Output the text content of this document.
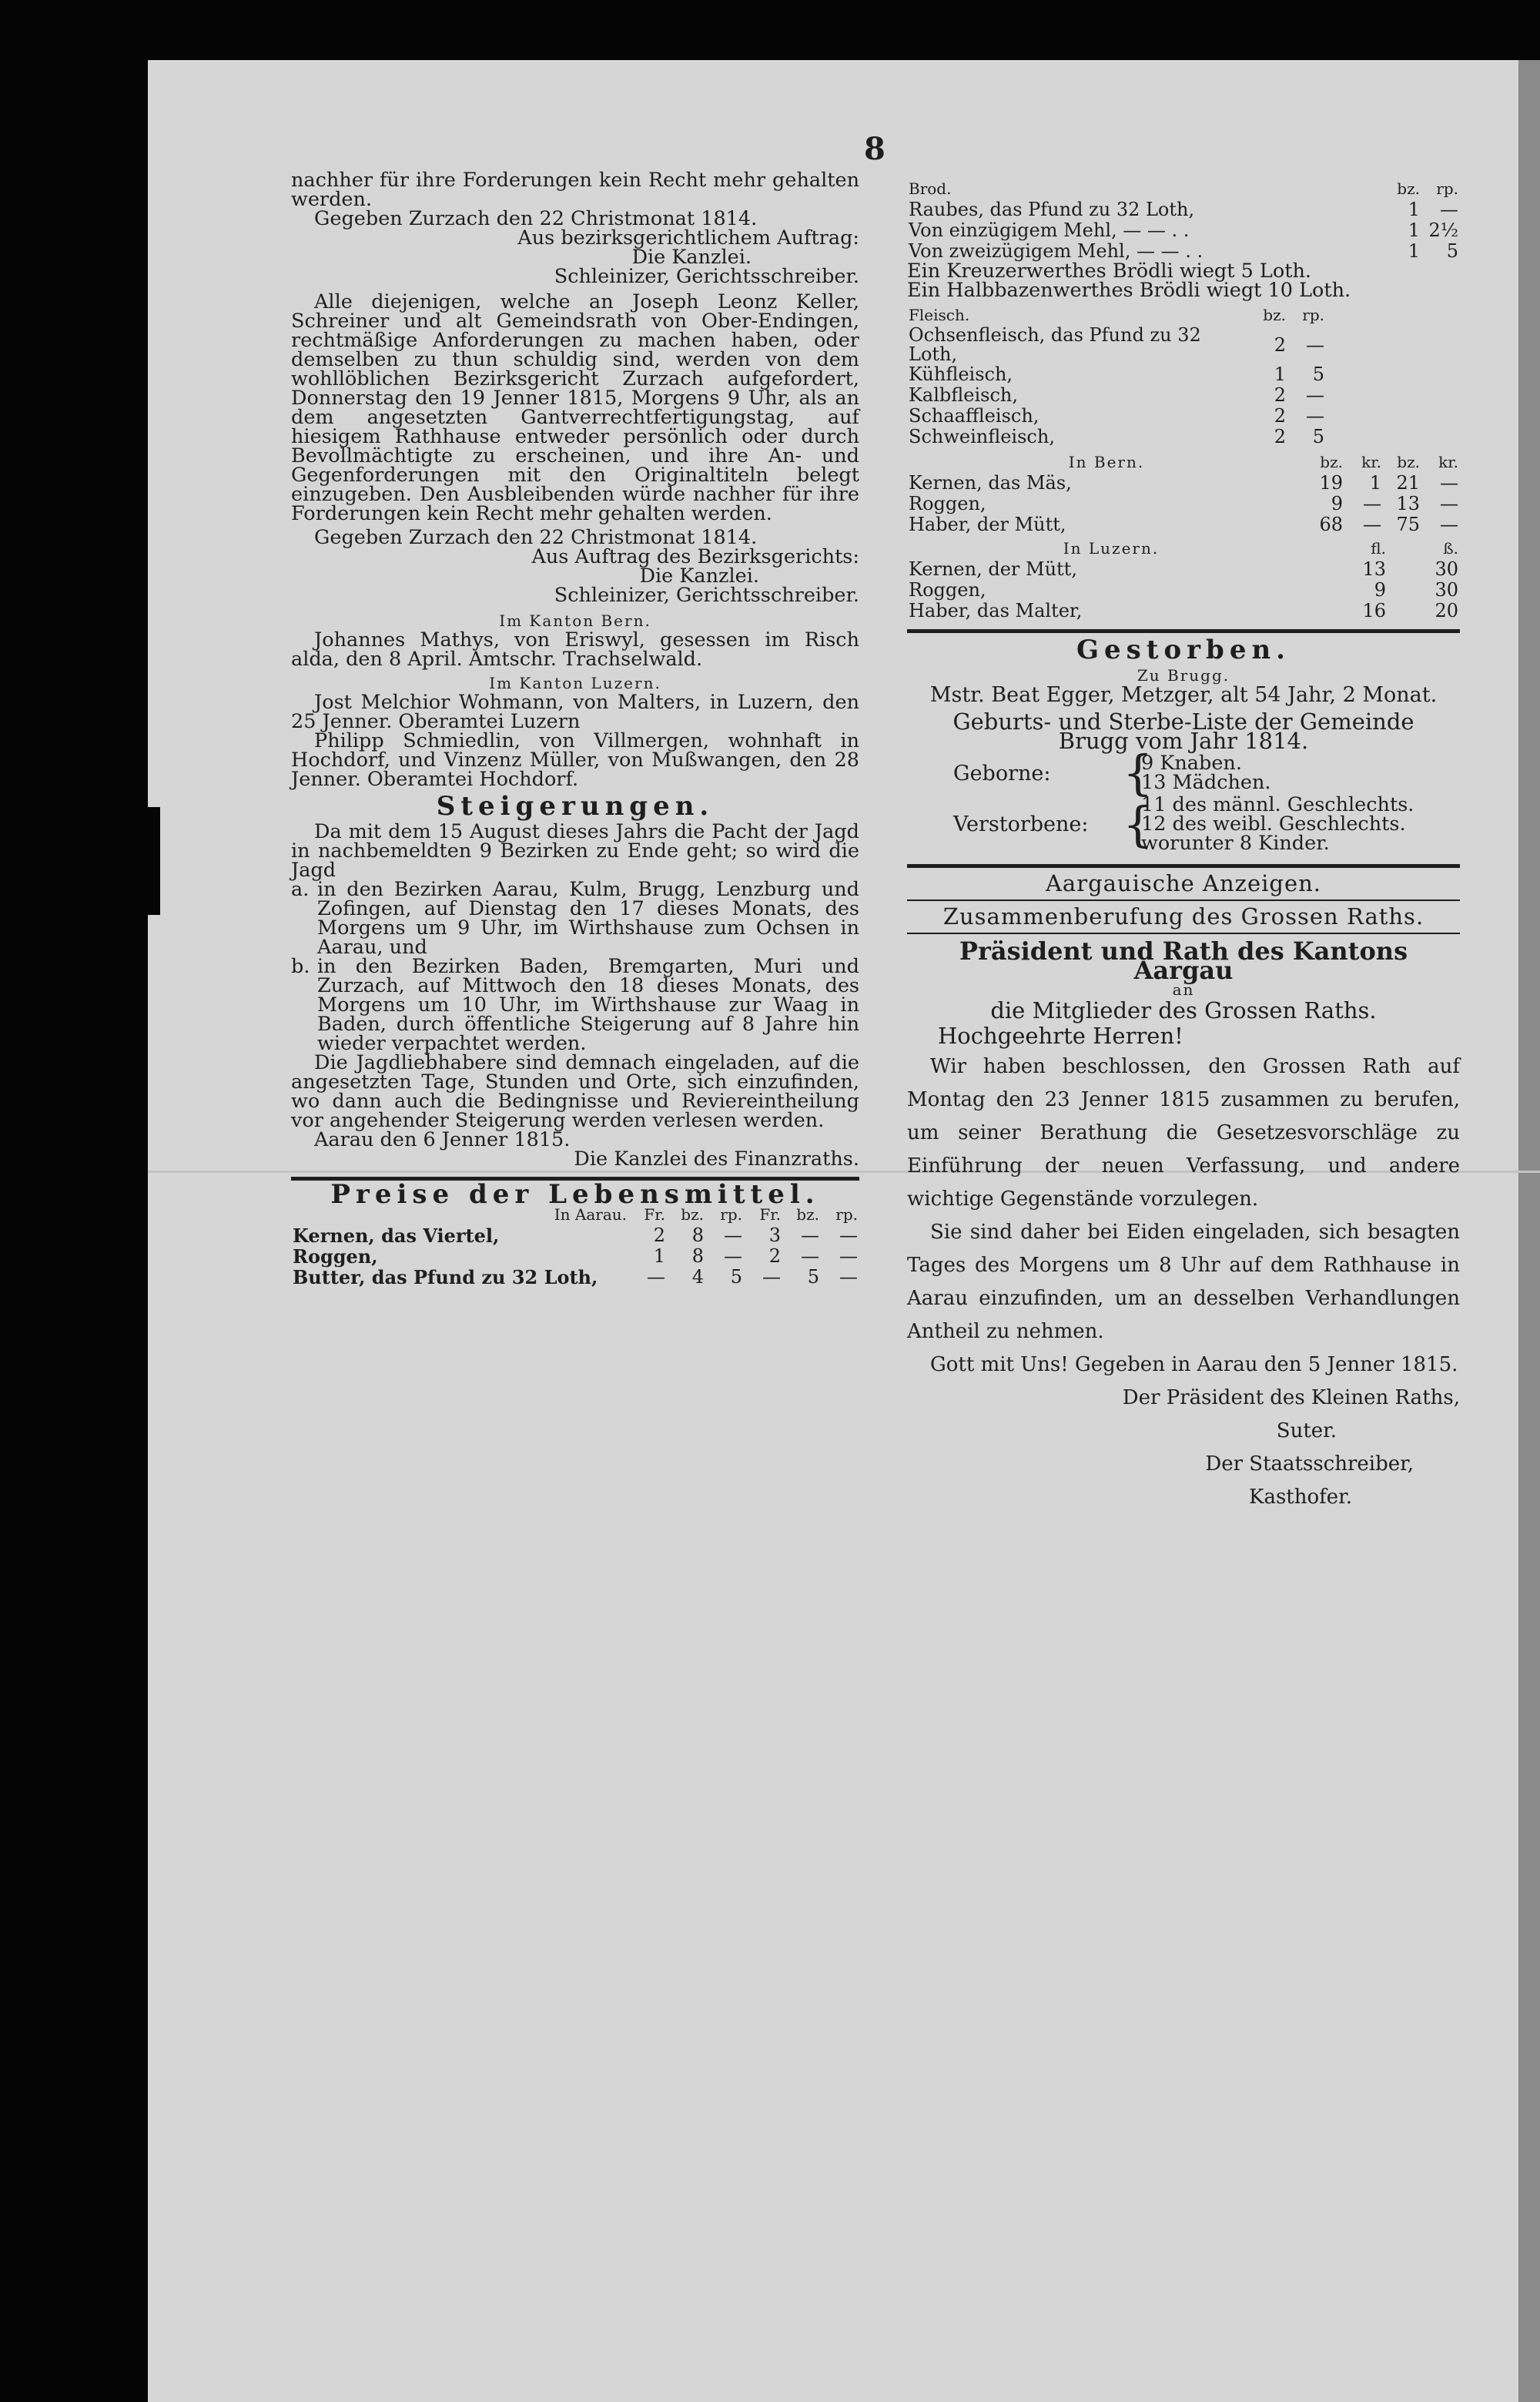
8

nachher für ihre Forderungen kein Recht mehr gehalten werden.

Gegeben Zurzach den 22 Christmonat 1814.

Aus bezirksgerichtlichem Auftrag:

Die Kanzlei.

Schleinizer, Gerichtsschreiber.

Alle diejenigen, welche an Joseph Leonz Keller, Schreiner und alt Gemeindsrath von Ober-Endingen, rechtmäßige Anforderungen zu machen haben, oder demselben zu thun schuldig sind, werden von dem wohllöblichen Bezirksgericht Zurzach aufgefordert, Donnerstag den 19 Jenner 1815, Morgens 9 Uhr, als an dem angesetzten Gantverrechtfertigungstag, auf hiesigem Rathhause entweder persönlich oder durch Bevollmächtigte zu erscheinen, und ihre An- und Gegenforderungen mit den Originaltiteln belegt einzugeben. Den Ausbleibenden würde nachher für ihre Forderungen kein Recht mehr gehalten werden.

Gegeben Zurzach den 22 Christmonat 1814.

Aus Auftrag des Bezirksgerichts:

Die Kanzlei.

Schleinizer, Gerichtsschreiber.

Im Kanton Bern.

Johannes Mathys, von Eriswyl, gesessen im Risch alda, den 8 April. Amtschr. Trachselwald.

Im Kanton Luzern.

Jost Melchior Wohmann, von Malters, in Luzern, den 25 Jenner. Oberamtei Luzern

Philipp Schmiedlin, von Villmergen, wohnhaft in Hochdorf, und Vinzenz Müller, von Mußwangen, den 28 Jenner. Oberamtei Hochdorf.

Steigerungen.

Da mit dem 15 August dieses Jahrs die Pacht der Jagd in nachbemeldten 9 Bezirken zu Ende geht; so wird die Jagd

a. in den Bezirken Aarau, Kulm, Brugg, Lenzburg und Zofingen, auf Dienstag den 17 dieses Monats, des Morgens um 9 Uhr, im Wirthshause zum Ochsen in Aarau, und
b. in den Bezirken Baden, Bremgarten, Muri und Zurzach, auf Mittwoch den 18 dieses Monats, des Morgens um 10 Uhr, im Wirthshause zur Waag in Baden, durch öffentliche Steigerung auf 8 Jahre hin wieder verpachtet werden.

Die Jagdliebhabere sind demnach eingeladen, auf die angesetzten Tage, Stunden und Orte, sich einzufinden, wo dann auch die Bedingnisse und Reviereintheilung vor angehender Steigerung werden verlesen werden.

Aarau den 6 Jenner 1815.

Die Kanzlei des Finanzraths.

Preise der Lebensmittel.
In Aarau.	Fr.	bz.	rp.	Fr.	bz.	rp.
Kernen, das Viertel,	2	8	—	3	—	—
Roggen,	1	8	—	2	—	—
Butter, das Pfund zu 32 Loth,	—	4	5	—	5	—
Brod.	bz.	rp.
Raubes, das Pfund zu 32 Loth,	1	—
Von einzügigem Mehl, — — . .	1	2½
Von zweizügigem Mehl, — — . .	1	5

Ein Kreuzerwerthes Brödli wiegt 5 Loth.

Ein Halbbazenwerthes Brödli wiegt 10 Loth.

Fleisch.	bz.	rp.	
Ochsenfleisch, das Pfund zu 32 Loth,	2	—	
Kühfleisch,	1	5	
Kalbfleisch,	2	—	
Schaaffleisch,	2	—	
Schweinfleisch,	2	5	
In Bern.	bz.	kr.	bz.	kr.
Kernen, das Mäs,	19	1	21	—
Roggen,	9	—	13	—
Haber, der Mütt,	68	—	75	—
In Luzern.	fl.	ß.
Kernen, der Mütt,	13	30
Roggen,	9	30
Haber, das Malter,	16	20
Gestorben.

Zu Brugg.

Mstr. Beat Egger, Metzger, alt 54 Jahr, 2 Monat.

Geburts- und Sterbe-Liste der Gemeinde Brugg vom Jahr 1814.

Geborne:	{
9 Knaben.
13 Mädchen.
Verstorbene: {
11 des männl. Geschlechts.
12 des weibl. Geschlechts.
worunter 8 Kinder.
Aargauische Anzeigen.
Zusammenberufung des Grossen Raths.
Präsident und Rath des Kantons Aargau

an

die Mitglieder des Grossen Raths.

Hochgeehrte Herren!

Wir haben beschlossen, den Grossen Rath auf Montag den 23 Jenner 1815 zusammen zu berufen, um seiner Berathung die Gesetzesvorschläge zu Einführung der neuen Verfassung, und andere wichtige Gegenstände vorzulegen.

Sie sind daher bei Eiden eingeladen, sich besagten Tages des Morgens um 8 Uhr auf dem Rathhause in Aarau einzufinden, um an desselben Verhandlungen Antheil zu nehmen.

Gott mit Uns! Gegeben in Aarau den 5 Jenner 1815.

Der Präsident des Kleinen Raths,

Suter.

Der Staatsschreiber,

Kasthofer.
